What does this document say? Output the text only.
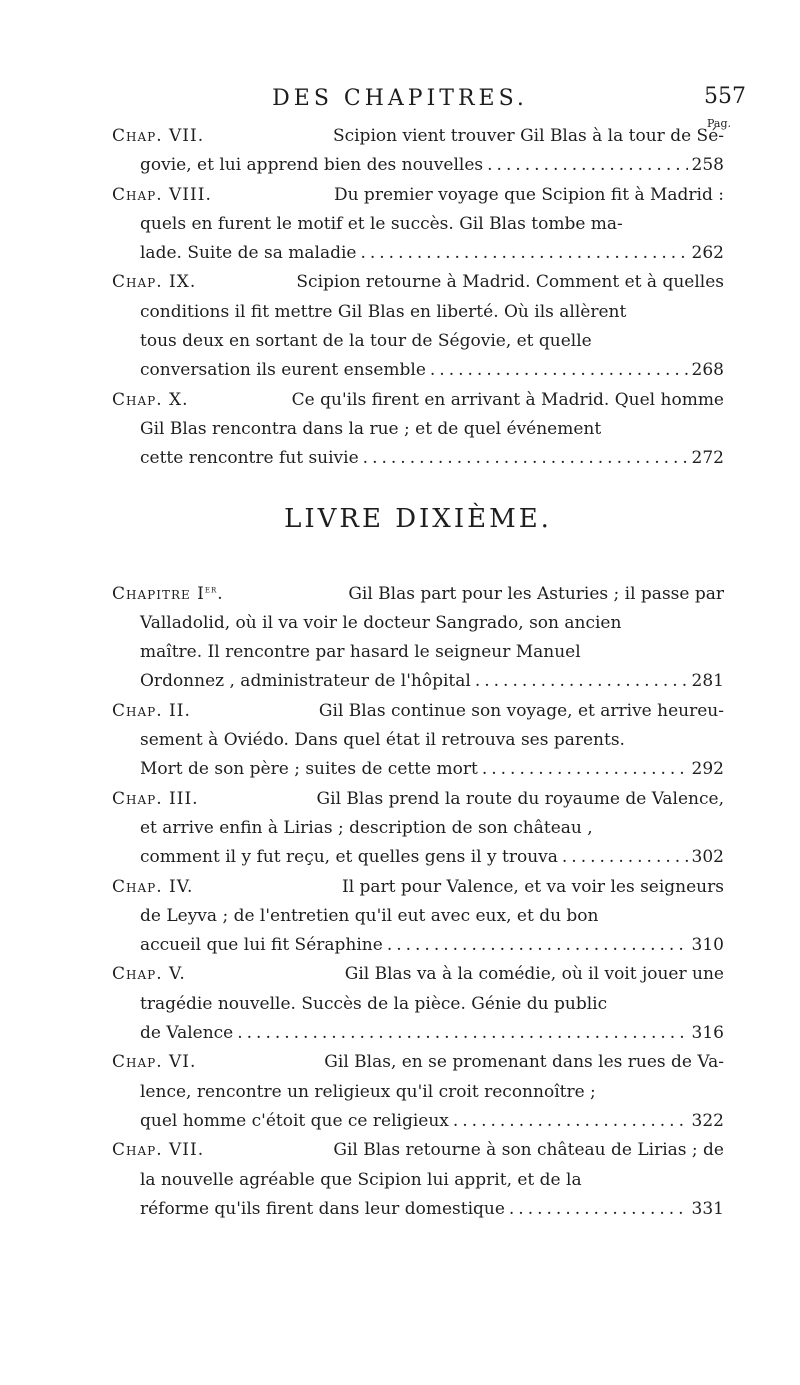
DES CHAPITRES.	557
Pag.
Chap. VII.
	Scipion vient trouver Gil Blas à la tour de Sé-
govie, et lui apprend bien des nouvelles .....	258
Chap. VIII.
	Du premier voyage que Scipion fit à Madrid :
quels en furent le motif et le succès. Gil Blas tombe ma-
lade. Suite de sa maladie .....	262
Chap. IX.
	Scipion retourne à Madrid. Comment et à quelles
conditions il fit mettre Gil Blas en liberté. Où ils allèrent
tous deux en sortant de la tour de Ségovie, et quelle
conversation ils eurent ensemble .....	268
Chap. X.
	Ce qu'ils firent en arrivant à Madrid. Quel homme
Gil Blas rencontra dans la rue ; et de quel événement
cette rencontre fut suivie .....	272
LIVRE DIXIÈME.
Chapitre Ier.
	Gil Blas part pour les Asturies ; il passe par
Valladolid, où il va voir le docteur Sangrado, son ancien
maître. Il rencontre par hasard le seigneur Manuel
Ordonnez , administrateur de l'hôpital .....	281
Chap. II.
	Gil Blas continue son voyage, et arrive heureu-
sement à Oviédo. Dans quel état il retrouva ses parents.
Mort de son père ; suites de cette mort .....	292
Chap. III.
	Gil Blas prend la route du royaume de Valence,
et arrive enfin à Lirias ; description de son château ,
comment il y fut reçu, et quelles gens il y trouva .....	302
Chap. IV.
	Il part pour Valence, et va voir les seigneurs
de Leyva ; de l'entretien qu'il eut avec eux, et du bon
accueil que lui fit Séraphine .....	310
Chap. V.
	Gil Blas va à la comédie, où il voit jouer une
tragédie nouvelle. Succès de la pièce. Génie du public
de Valence .....	316
Chap. VI.
	Gil Blas, en se promenant dans les rues de Va-
lence, rencontre un religieux qu'il croit reconnoître ;
quel homme c'étoit que ce religieux .....	322
Chap. VII.
	Gil Blas retourne à son château de Lirias ; de
la nouvelle agréable que Scipion lui apprit, et de la
réforme qu'ils firent dans leur domestique .....	331
